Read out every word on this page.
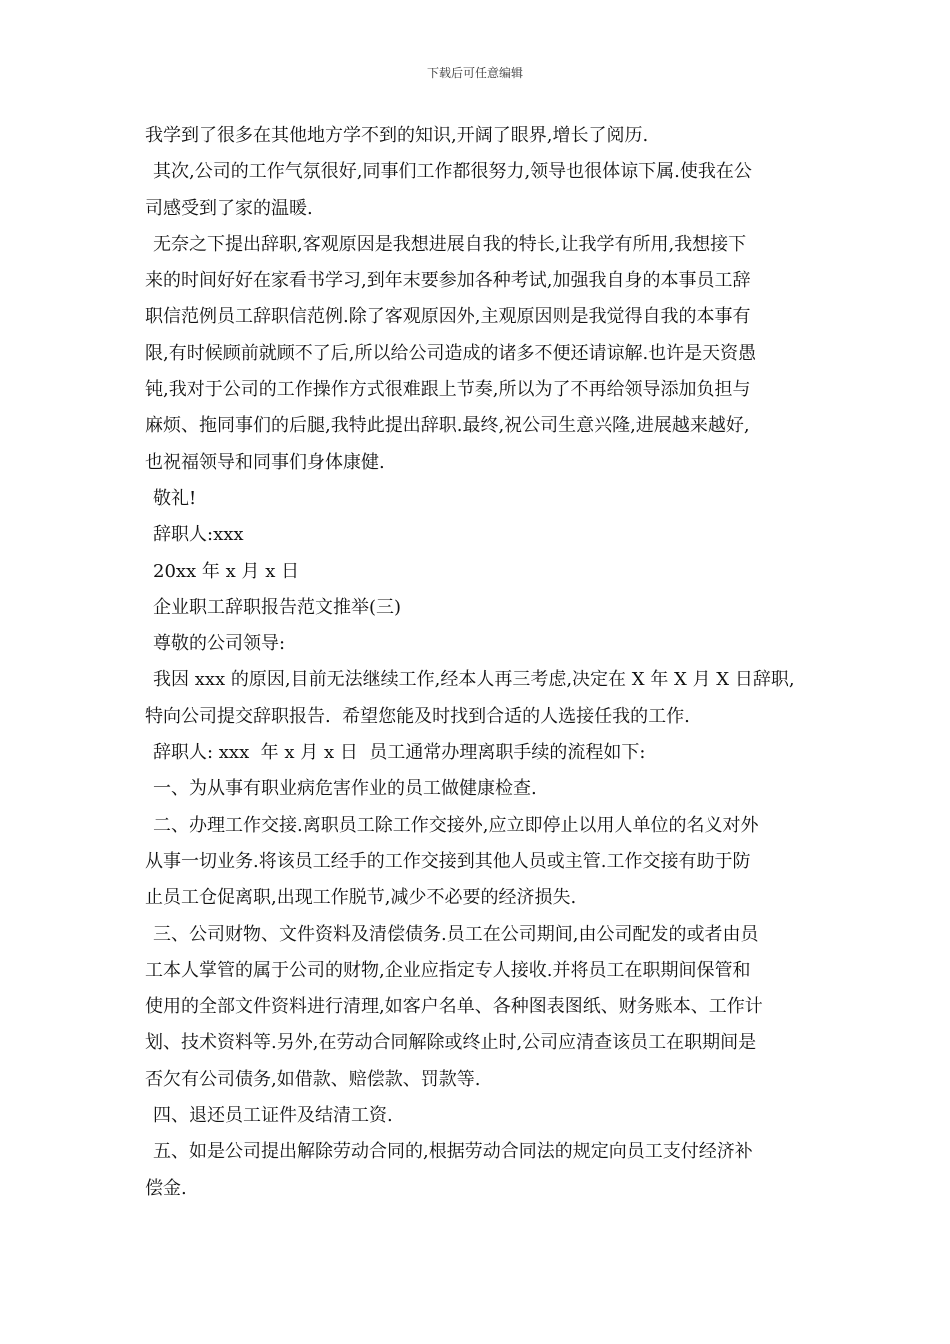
下载后可任意编辑
我学到了很多在其他地方学不到的知识,开阔了眼界,增长了阅历.
其次,公司的工作气氛很好,同事们工作都很努力,领导也很体谅下属.使我在公
司感受到了家的温暖.
无奈之下提出辞职,客观原因是我想进展自我的特长,让我学有所用,我想接下
来的时间好好在家看书学习,到年末要参加各种考试,加强我自身的本事员工辞
职信范例员工辞职信范例.除了客观原因外,主观原因则是我觉得自我的本事有
限,有时候顾前就顾不了后,所以给公司造成的诸多不便还请谅解.也许是天资愚
钝,我对于公司的工作操作方式很难跟上节奏,所以为了不再给领导添加负担与
麻烦、拖同事们的后腿,我特此提出辞职.最终,祝公司生意兴隆,进展越来越好,
也祝福领导和同事们身体康健.
敬礼!
辞职人:xxx
20xx 年 x 月 x 日
企业职工辞职报告范文推举(三)
尊敬的公司领导:
我因 xxx 的原因,目前无法继续工作,经本人再三考虑,决定在 X 年 X 月 X 日辞职,
特向公司提交辞职报告.  希望您能及时找到合适的人选接任我的工作.
辞职人: xxx  年 x 月 x 日  员工通常办理离职手续的流程如下:
一、为从事有职业病危害作业的员工做健康检查.
二、办理工作交接.离职员工除工作交接外,应立即停止以用人单位的名义对外
从事一切业务.将该员工经手的工作交接到其他人员或主管.工作交接有助于防
止员工仓促离职,出现工作脱节,减少不必要的经济损失.
三、公司财物、文件资料及清偿债务.员工在公司期间,由公司配发的或者由员
工本人掌管的属于公司的财物,企业应指定专人接收.并将员工在职期间保管和
使用的全部文件资料进行清理,如客户名单、各种图表图纸、财务账本、工作计
划、技术资料等.另外,在劳动合同解除或终止时,公司应清查该员工在职期间是
否欠有公司债务,如借款、赔偿款、罚款等.
四、退还员工证件及结清工资.
五、如是公司提出解除劳动合同的,根据劳动合同法的规定向员工支付经济补
偿金.
